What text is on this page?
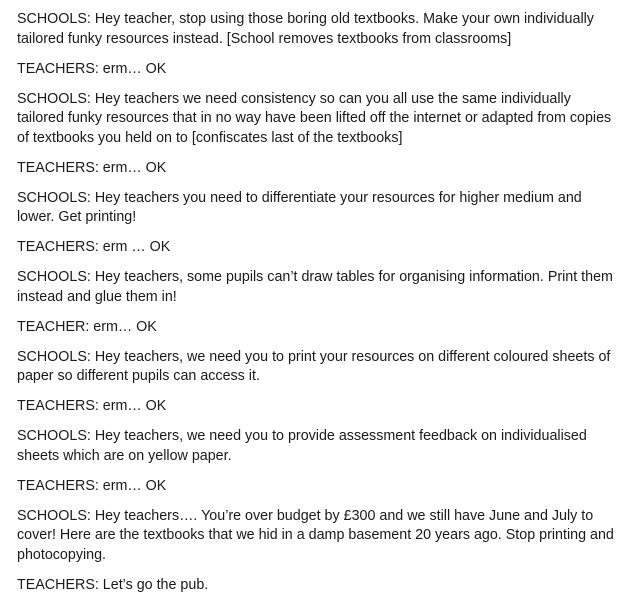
SCHOOLS: Hey teacher, stop using those boring old textbooks. Make your own individually tailored funky resources instead. [School removes textbooks from classrooms]

TEACHERS: erm… OK

SCHOOLS: Hey teachers we need consistency so can you all use the same individually tailored funky resources that in no way have been lifted off the internet or adapted from copies of textbooks you held on to [confiscates last of the textbooks]

TEACHERS: erm… OK

SCHOOLS: Hey teachers you need to differentiate your resources for higher medium and lower. Get printing!

TEACHERS: erm … OK

SCHOOLS: Hey teachers, some pupils can’t draw tables for organising information. Print them instead and glue them in!

TEACHER: erm… OK

SCHOOLS: Hey teachers, we need you to print your resources on different coloured sheets of paper so different pupils can access it.

TEACHERS: erm… OK

SCHOOLS: Hey teachers, we need you to provide assessment feedback on individualised sheets which are on yellow paper.

TEACHERS: erm… OK

SCHOOLS: Hey teachers…. You’re over budget by £300 and we still have June and July to cover! Here are the textbooks that we hid in a damp basement 20 years ago. Stop printing and photocopying.

TEACHERS: Let’s go the pub.
